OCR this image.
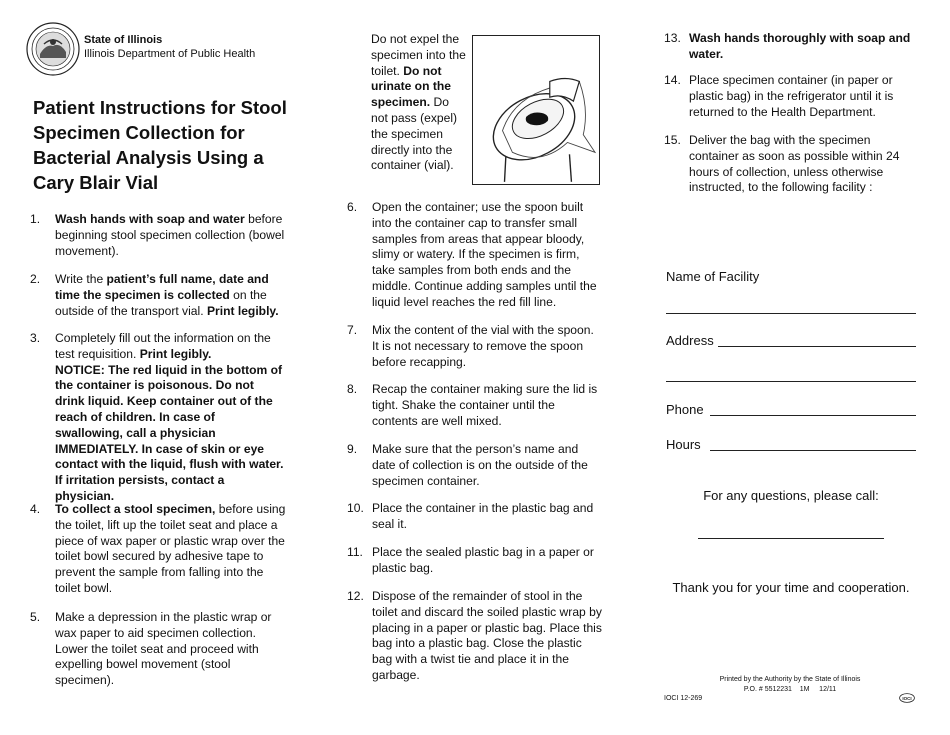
State of Illinois
Illinois Department of Public Health
Patient Instructions for Stool Specimen Collection for Bacterial Analysis Using a Cary Blair Vial
1.	Wash hands with soap and water before beginning stool specimen collection (bowel movement).
2.	Write the patient’s full name, date and time the specimen is collected on the outside of the transport vial. Print legibly.
3.	Completely fill out the information on the test requisition. Print legibly.
NOTICE: The red liquid in the bottom of the container is poisonous. Do not drink liquid. Keep container out of the reach of children. In case of swallowing, call a physician IMMEDIATELY. In case of skin or eye contact with the liquid, flush with water. If irritation persists, contact a physician.
4.	To collect a stool specimen, before using the toilet, lift up the toilet seat and place a piece of wax paper or plastic wrap over the toilet bowl secured by adhesive tape to prevent the sample from falling into the toilet bowl.
5.	Make a depression in the plastic wrap or wax paper to aid specimen collection. Lower the toilet seat and proceed with expelling bowel movement (stool specimen).
Do not expel the specimen into the toilet. Do not urinate on the specimen. Do not pass (expel) the specimen directly into the container (vial).
6.	Open the container; use the spoon built into the container cap to transfer small samples from areas that appear bloody, slimy or watery. If the specimen is firm, take samples from both ends and the middle. Continue adding samples until the liquid level reaches the red fill line.
7.	Mix the content of the vial with the spoon. It is not necessary to remove the spoon before recapping.
8.	Recap the container making sure the lid is tight. Shake the container until the contents are well mixed.
9.	Make sure that the person’s name and date of collection is on the outside of the specimen container.
10. Place the container in the plastic bag and seal it.
11. Place the sealed plastic bag in a paper or plastic bag.
12. Dispose of the remainder of stool in the toilet and discard the soiled plastic wrap by placing in a paper or plastic bag. Place this bag into a plastic bag. Close the plastic bag with a twist tie and place it in the garbage.
13. Wash hands thoroughly with soap and water.
14. Place specimen container (in paper or plastic bag) in the refrigerator until it is returned to the Health Department.
15. Deliver the bag with the specimen container as soon as possible within 24 hours of collection, unless otherwise instructed, to the following facility :
Name of Facility
Address
Phone
Hours
For any questions, please call:
Thank you for your time and cooperation.
Printed by the Authority by the State of Illinois
P.O. # 5512231    1M     12/11
IOCI 12-269	IOCI
